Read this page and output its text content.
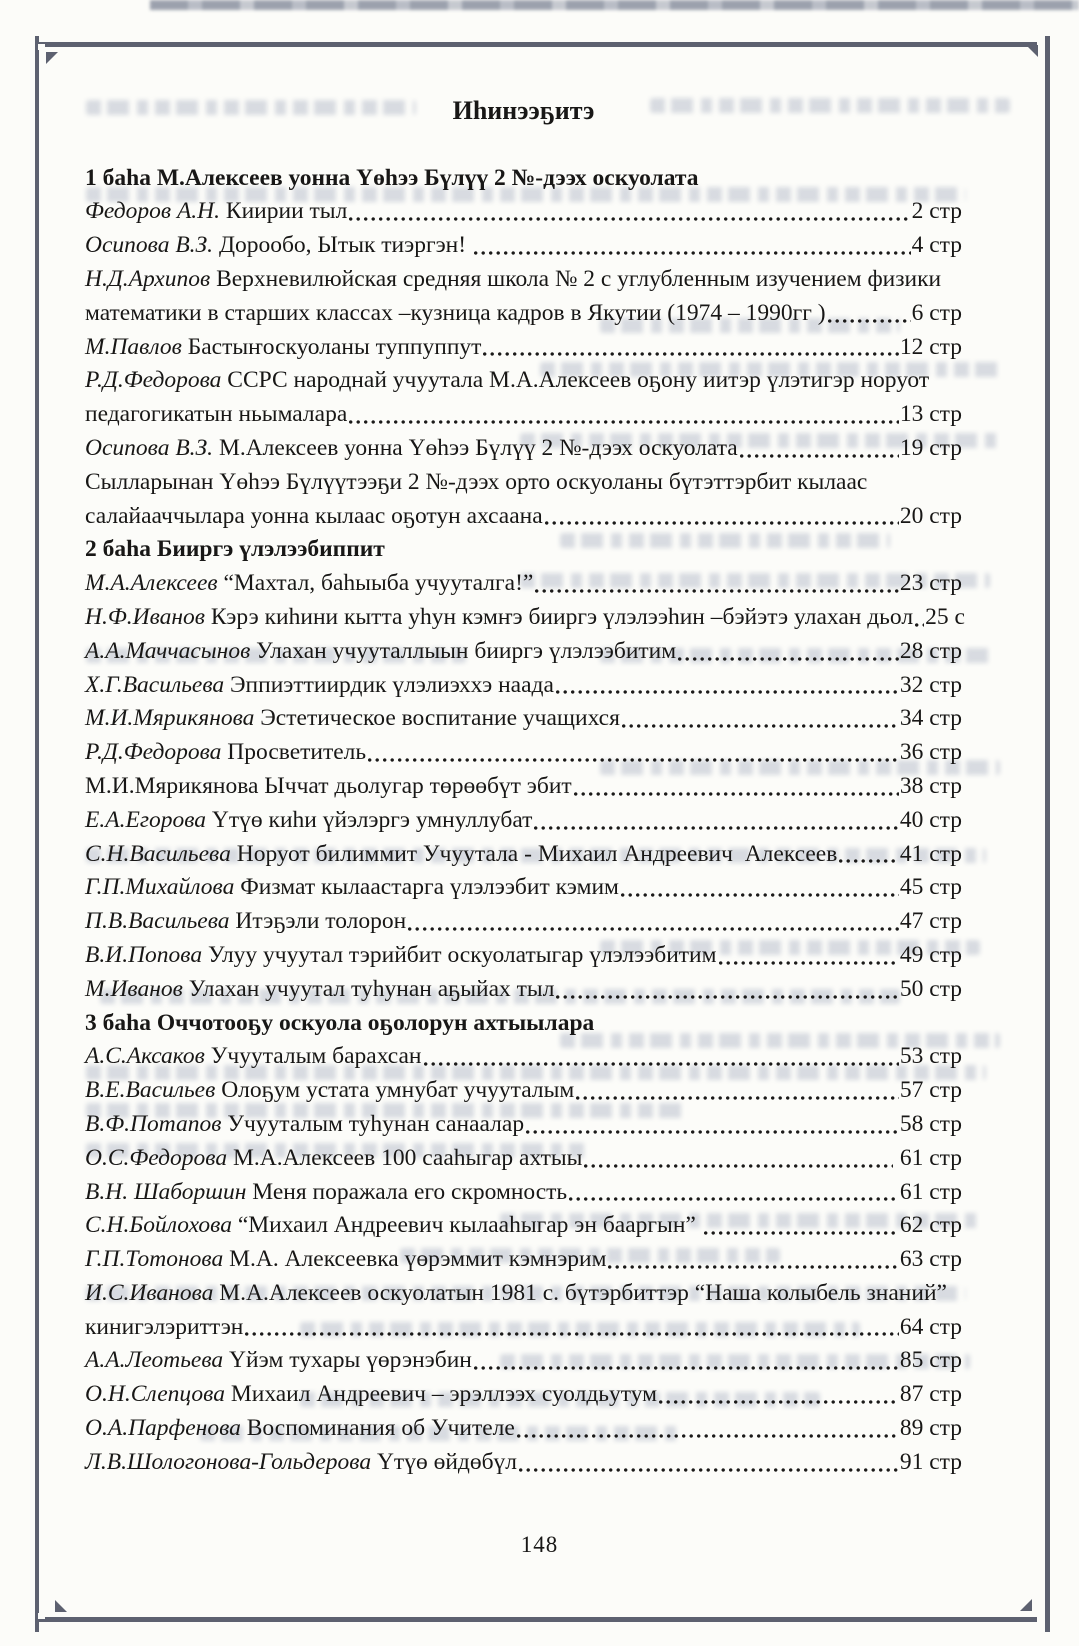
Иһинээҕитэ
1 баһа М.Алексеев уонна Үөһээ Бүлүү 2 №-дээх оскуолата
Федоров А.Н. Киирии тыл	2 стр
Осипова В.З. Дорообо, Ытык тиэргэн!	4 стр
Н.Д.Архипов Верхневилюйская средняя школа № 2 с углубленным изучением физики
математики в старших классах –кузница кадров в Якутии (1974 – 1990гг )	6 стр
М.Павлов Бастыҥоскуоланы туппуппут	12 стр
Р.Д.Федорова ССРС народнай учуутала М.А.Алексеев оҕону иитэр үлэтигэр норуот
педагогикатын ньымалара	13 стр
Осипова В.З. М.Алексеев уонна Үөһээ Бүлүү 2 №-дээх оскуолата	19 стр
Сылларынан Үөһээ Бүлүүтээҕи 2 №-дээх орто оскуоланы бүтэттэрбит кылаас
салайааччылара уонна кылаас оҕотун ахсаана	20 стр
2 баһа Бииргэ үлэлээбиппит
М.А.Алексеев “Махтал, баһыыба учууталга!”	23 стр
Н.Ф.Иванов Кэрэ киһини кытта уһун кэмҥэ бииргэ үлэлээһин –бэйэтэ улахан дьол 25 с
А.А.Маччасынов Улахан учууталлыын бииргэ үлэлээбитим	28 стр
Х.Г.Васильева Эппиэттиирдик үлэлиэххэ наада	32 стр
М.И.Мярикянова Эстетическое воспитание учащихся	34 стр
Р.Д.Федорова Просветитель	36 стр
М.И.Мярикянова Ыччат дьолугар төрөөбүт эбит	38 стр
Е.А.Егорова Үтүө киһи үйэлэргэ умнуллубат	40 стр
С.Н.Васильева Норуот билиммит Учуутала - Михаил Андреевич  Алексеев	41 стр
Г.П.Михайлова Физмат кылаастарга үлэлээбит кэмим	45 стр
П.В.Васильева Итэҕэли толорон	47 стр
В.И.Попова Улуу учуутал тэрийбит оскуолатыгар үлэлээбитим	49 стр
М.Иванов Улахан учуутал туһунан аҕыйах тыл	50 стр
3 баһа Оччотооҕу оскуола оҕолорун ахтыылара
А.С.Аксаков Учууталым барахсан	53 стр
В.Е.Васильев Олоҕум устата умнубат учууталым	57 стр
В.Ф.Потапов Учууталым туһунан санаалар	58 стр
О.С.Федорова М.А.Алексеев 100 сааһыгар ахтыы	61 стр
В.Н. Шаборшин Меня поражала его скромность	61 стр
С.Н.Бойлохова “Михаил Андреевич кылааһыгар эн бааргын”	62 стр
Г.П.Тотонова М.А. Алексеевка үөрэммит кэмнэрим	63 стр
И.С.Иванова М.А.Алексеев оскуолатын 1981 с. бүтэрбиттэр “Наша колыбель знаний”
кинигэлэриттэн	64 стр
А.А.Леотьева Үйэм тухары үөрэнэбин	85 стр
О.Н.Слепцова Михаил Андреевич – эрэллээх суолдьутум	87 стр
О.А.Парфенова Воспоминания об Учителе	89 стр
Л.В.Шологонова-Гольдерова Үтүө өйдөбүл	91 стр
148
